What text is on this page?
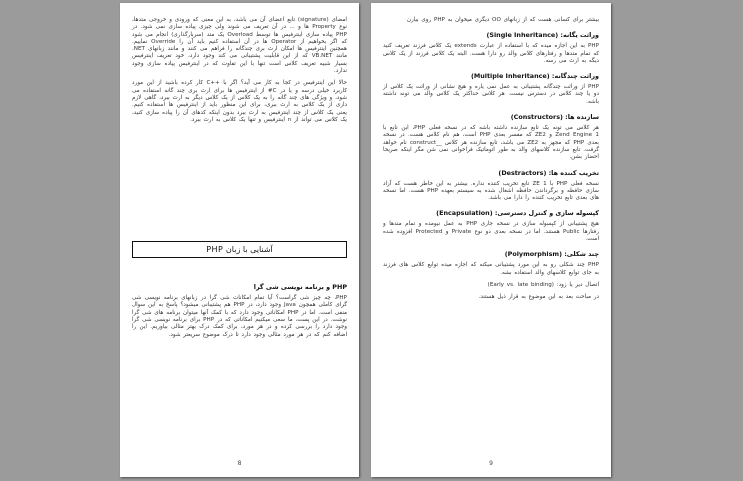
امضای (signature) تابع اعضای آن می باشد، به این معنی که ورودی و خروجی متدها، نوع Property ها و ... در آن تعریف می شوند ولی چیزی پیاده سازی نمی شود. در PHP پیاده سازی اینترفیس ها توسط Overload یک متد (سربارگذاری) انجام می شود که اگر بخواهیم از Operator ها در آن استفاده کنیم باید آن را Override نماییم. همچنین اینترفیس ها امکان ارث بری چندگانه را فراهم می کنند و مانند زبانهای NET. مانند VB.NET که از این قابلیت پشتیبانی می کند وجود دارد، خود تعریف اینترفیس بسیار شبیه تعریف کلاس است تنها با این تفاوت که در اینترفیس پیاده سازی وجود ندارد.

حالا این اینترفیس در کجا به کار می آید؟ اگر با ++C کار کرده باشید از این مورد کاربرد خیلی درسه و یا در C# از اینترفیس ها برای ارث بری چند گانه استفاده می شود، و ویژگی های چند گانه را به یک کلاس از یک کلاس دیگر به ارث ببرد، گاهی لازم داری از یک کلاس به ارث ببری، برای این منظور باید از اینترفیس ها استفاده کنیم. یعنی یک کلاس از چند اینترفیس به ارث ببرد بدون اینکه کدهای آن را پیاده سازی کنید، یک کلاس می تواند از n اینترفیس و تنها یک کلاس به ارث ببرد.

آشنایی با زبان PHP
PHP و برنامه نویسی شی گرا

PHP، چه چیز شی گراست؟ آیا تمام امکانات شی گرا در زبانهای برنامه نویسی شی گرای کاملی همچون Java وجود دارد، در PHP هم پشتیبانی میشود؟ پاسخ به این سوال منفی است. اما در PHP امکاناتی وجود دارد که با کمک آنها میتوان برنامه های شی گرا نوشت. در این پست، ما سعی میکنیم امکاناتی که در PHP برای برنامه نویسی شی گرا وجود دارد را بررسی کرده و در هر مورد، برای کمک درک بهتر مثالی بیاوریم. این را اضافه کنم که در هر مورد مثالی وجود دارد تا درک موضوع سریعتر شود.

8

بیشتر برای کسانی هست که از زبانهای OO دیگری میخوان به PHP روی بیارن

وراثت یگانه: (Single Inheritance)

PHP به این اجازه میده که با استفاده از عبارت extends یک کلاس فرزند تعریف کنید که تمام متدها و رفتارهای کلاس والد رو دارا هست. البته یک کلاس فرزند از یک کلاس دیگه به ارث می رسه.

وراثت چندگانه: (Multiple Inheritance)

PHP از وراثت چندگانه پشتیبانی به عمل نمی یاره و هیچ نشانی از وراثت یک کلاس از دو یا چند کلاس در دسترس نیست. هر کلاس حداکثر یک کلاس والد می تونه داشته باشه.

سازنده ها: (Constructors)

هر کلاس می تونه یک تابع سازنده داشته باشه که در نسخه فعلی PHP، این تابع با Zend Engine 1 و ZE2 که مفسر بعدی PHP است، هم نام کلاس هست. در نسخه بعدی PHP که مجهز به ZE2 می باشد، تابع سازنده هر کلاس __construct نام خواهد گرفت. تابع سازنده کلاسهای والد به طور اتوماتیک فراخوانی نمی شن مگر اینکه صریحا احضار بشن.

تخریب کننده ها: (Destractors)

نسخه فعلی PHP با ZE 1 تابع تخریب کننده نداره. بیشتر به این خاطر هست که آزاد سازی حافظه و برگرداندن حافظه اشغال شده به سیستم بعهده PHP هست. اما نسخه های بعدی تابع تخریب کننده را دارا می باشد.

کپسوله سازی و کنترل دسترسی: (Encapsulation)

هیچ پشتیبانی از کپسوله سازی در نسخه جاری PHP به عمل نیومده و تمام متدها و رفتارها Public هستند. اما در نسخه بعدی دو نوع Private و Protected افزوده شده است.

چند شکلی: (Polymorphism)

PHP چند شکلی رو به این مورد پشتیبانی میکنه که اجازه میده توابع کلاس های فرزند به جای توابع کلاسهای والد استفاده بشه.

اتصال دیر یا زود: (Early vs. late binding)

در مباحث بعد به این موضوع به قرار ذیل هستند.

9
